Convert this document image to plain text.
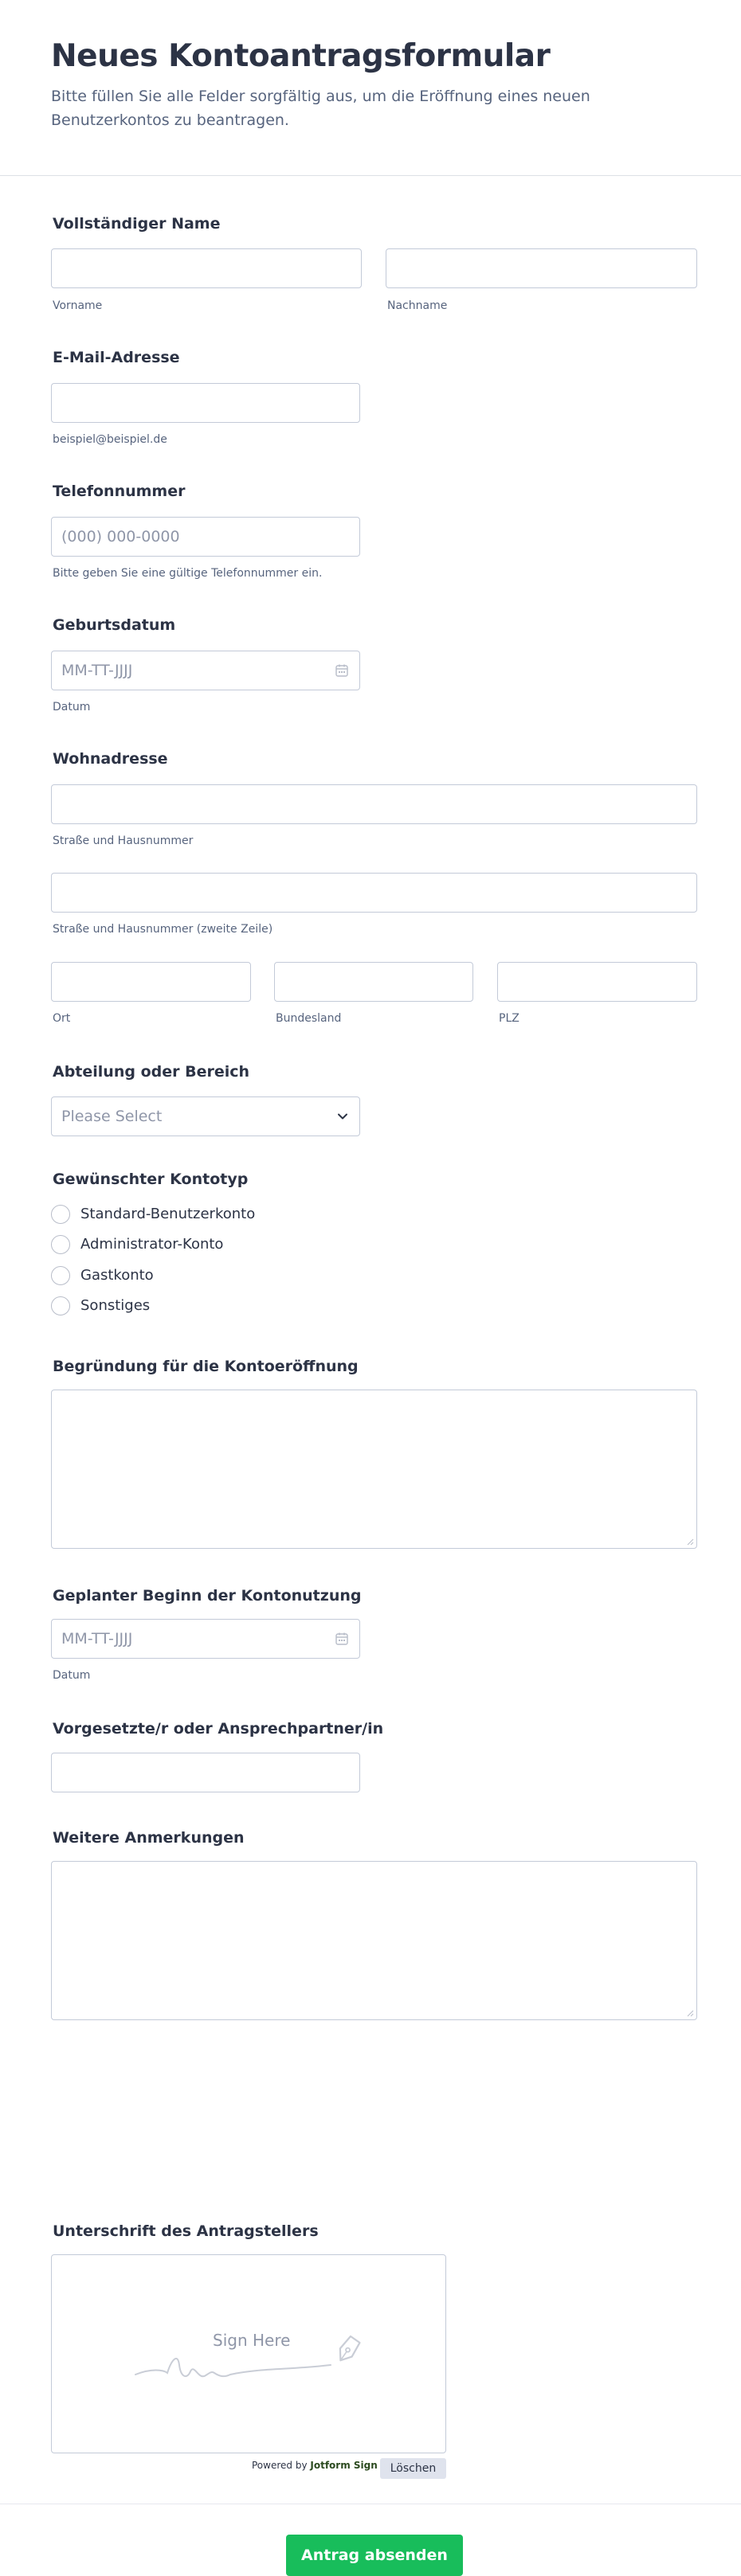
Neues Kontoantragsformular
Bitte füllen Sie alle Felder sorgfältig aus, um die Eröffnung eines neuen Benutzerkontos zu beantragen.
Vollständiger Name
Vorname	Nachname
E-Mail-Adresse
beispiel@beispiel.de
Telefonnummer
(000) 000-0000
Bitte geben Sie eine gültige Telefonnummer ein.
Geburtsdatum
MM-TT-JJJJ
Datum
Wohnadresse
Straße und Hausnummer
Straße und Hausnummer (zweite Zeile)
Ort	Bundesland	PLZ
Abteilung oder Bereich
Please Select
Gewünschter Kontotyp
Standard-Benutzerkonto
Administrator-Konto
Gastkonto
Sonstiges
Begründung für die Kontoeröffnung
Geplanter Beginn der Kontonutzung
MM-TT-JJJJ
Datum
Vorgesetzte/r oder Ansprechpartner/in
Weitere Anmerkungen
Unterschrift des Antragstellers
Sign Here
Powered by Jotform Sign	Löschen
Antrag absenden
